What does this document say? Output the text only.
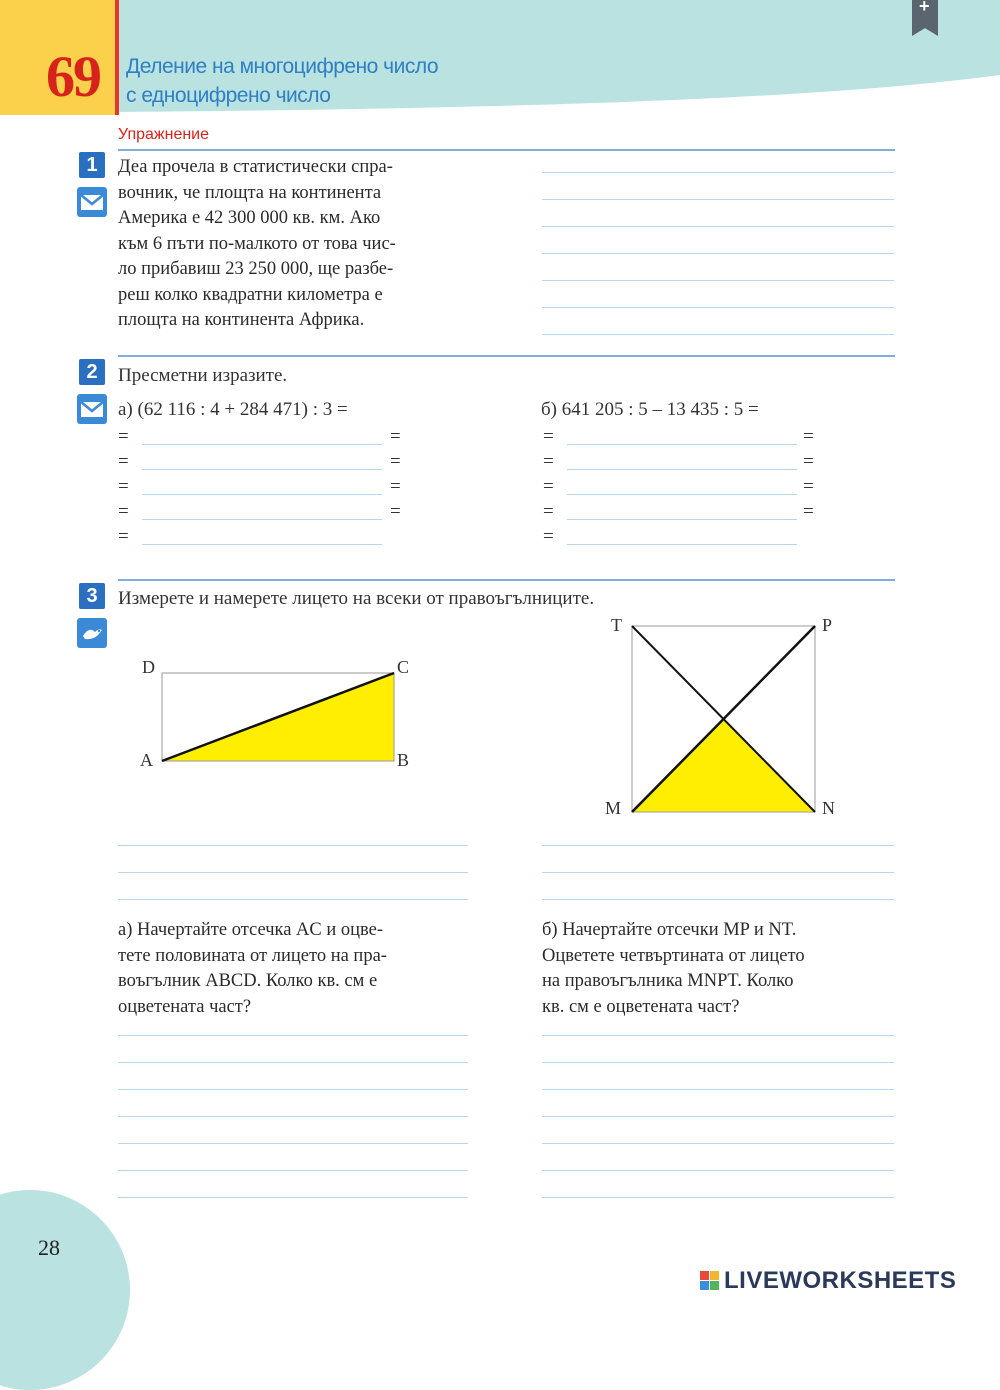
69 Деление на многоцифрено число
с едноцифрено число
+
Упражнение
1	Деа прочела в статистически спра-
вочник, че площта на континента
Америка е 42 300 000 кв. км. Ако
към 6 пъти по-малкото от това чис-
ло прибавиш 23 250 000, ще разбе-
реш колко квадратни километра е
площта на континента Африка.
2	Пресметни изразите.
а) (62 116 : 4 + 284 471) : 3 =	б) 641 205 : 5 – 13 435 : 5 =
=	=
=	=
=	=
=	=
=
=	=
=	=
=	=
=	=
=
3	Измерете и намерете лицето на всеки от правоъгълниците.
D	C
A	B
T	P
M	N
а) Начертайте отсечка AC и оцве-
тете половината от лицето на пра-
воъгълник ABCD. Колко кв. см е
оцветената част?
б) Начертайте отсечки MP и NT.
Оцветете четвъртината от лицето
на правоъгълника MNPT. Колко
кв. см е оцветената част?
28
LIVEWORKSHEETS
